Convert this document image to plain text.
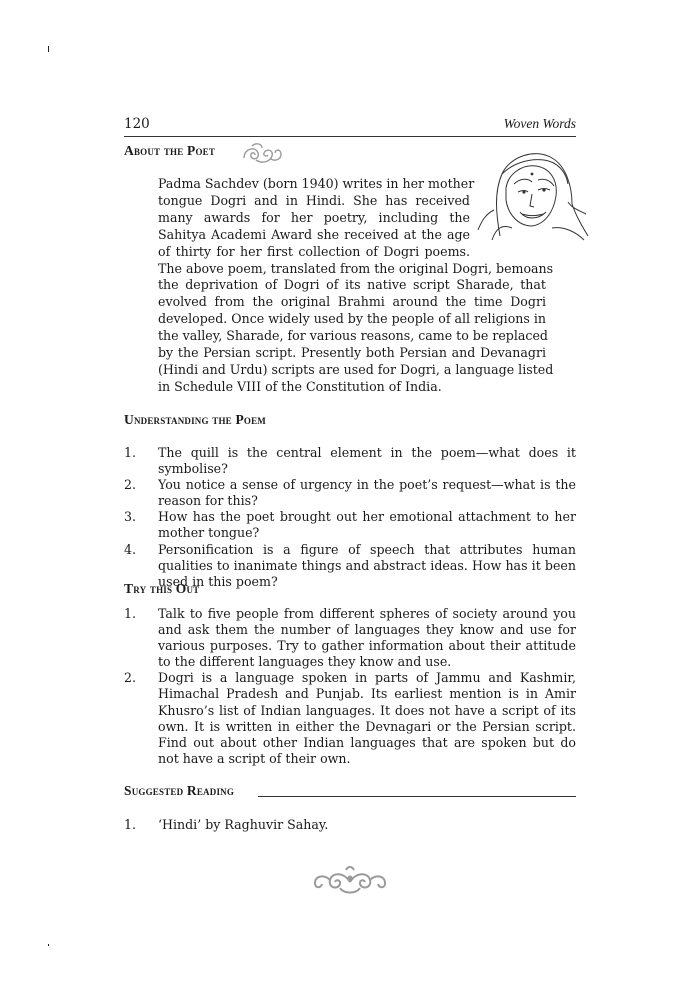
120	Woven Words
About the Poet
Padma Sachdev (born 1940) writes in her mother
tongue Dogri and in Hindi. She has received
many awards for her poetry, including the
Sahitya Academi Award she received at the age
of thirty for her first collection of Dogri poems.
The above poem, translated from the original Dogri, bemoans
the deprivation of Dogri of its native script Sharade, that
evolved from the original Brahmi around the time Dogri
developed. Once widely used by the people of all religions in
the valley, Sharade, for various reasons, came to be replaced
by the Persian script. Presently both Persian and Devanagri
(Hindi and Urdu) scripts are used for Dogri, a language listed
in Schedule VIII of the Constitution of India.
Understanding the Poem
1. The quill is the central element in the poem—what does it symbolise?
2. You notice a sense of urgency in the poet’s request—what is the reason for this?
3. How has the poet brought out her emotional attachment to her mother tongue?
4. Personification is a figure of speech that attributes human qualities to inanimate things and abstract ideas. How has it been used in this poem?
Try this Out
1. Talk to five people from different spheres of society around you and ask them the number of languages they know and use for various purposes. Try to gather information about their attitude to the different languages they know and use.
2. Dogri is a language spoken in parts of Jammu and Kashmir, Himachal Pradesh and Punjab. Its earliest mention is in Amir Khusro’s list of Indian languages. It does not have a script of its own. It is written in either the Devnagari or the Persian script. Find out about other Indian languages that are spoken but do not have a script of their own.
Suggested Reading
1. ‘Hindi’ by Raghuvir Sahay.
